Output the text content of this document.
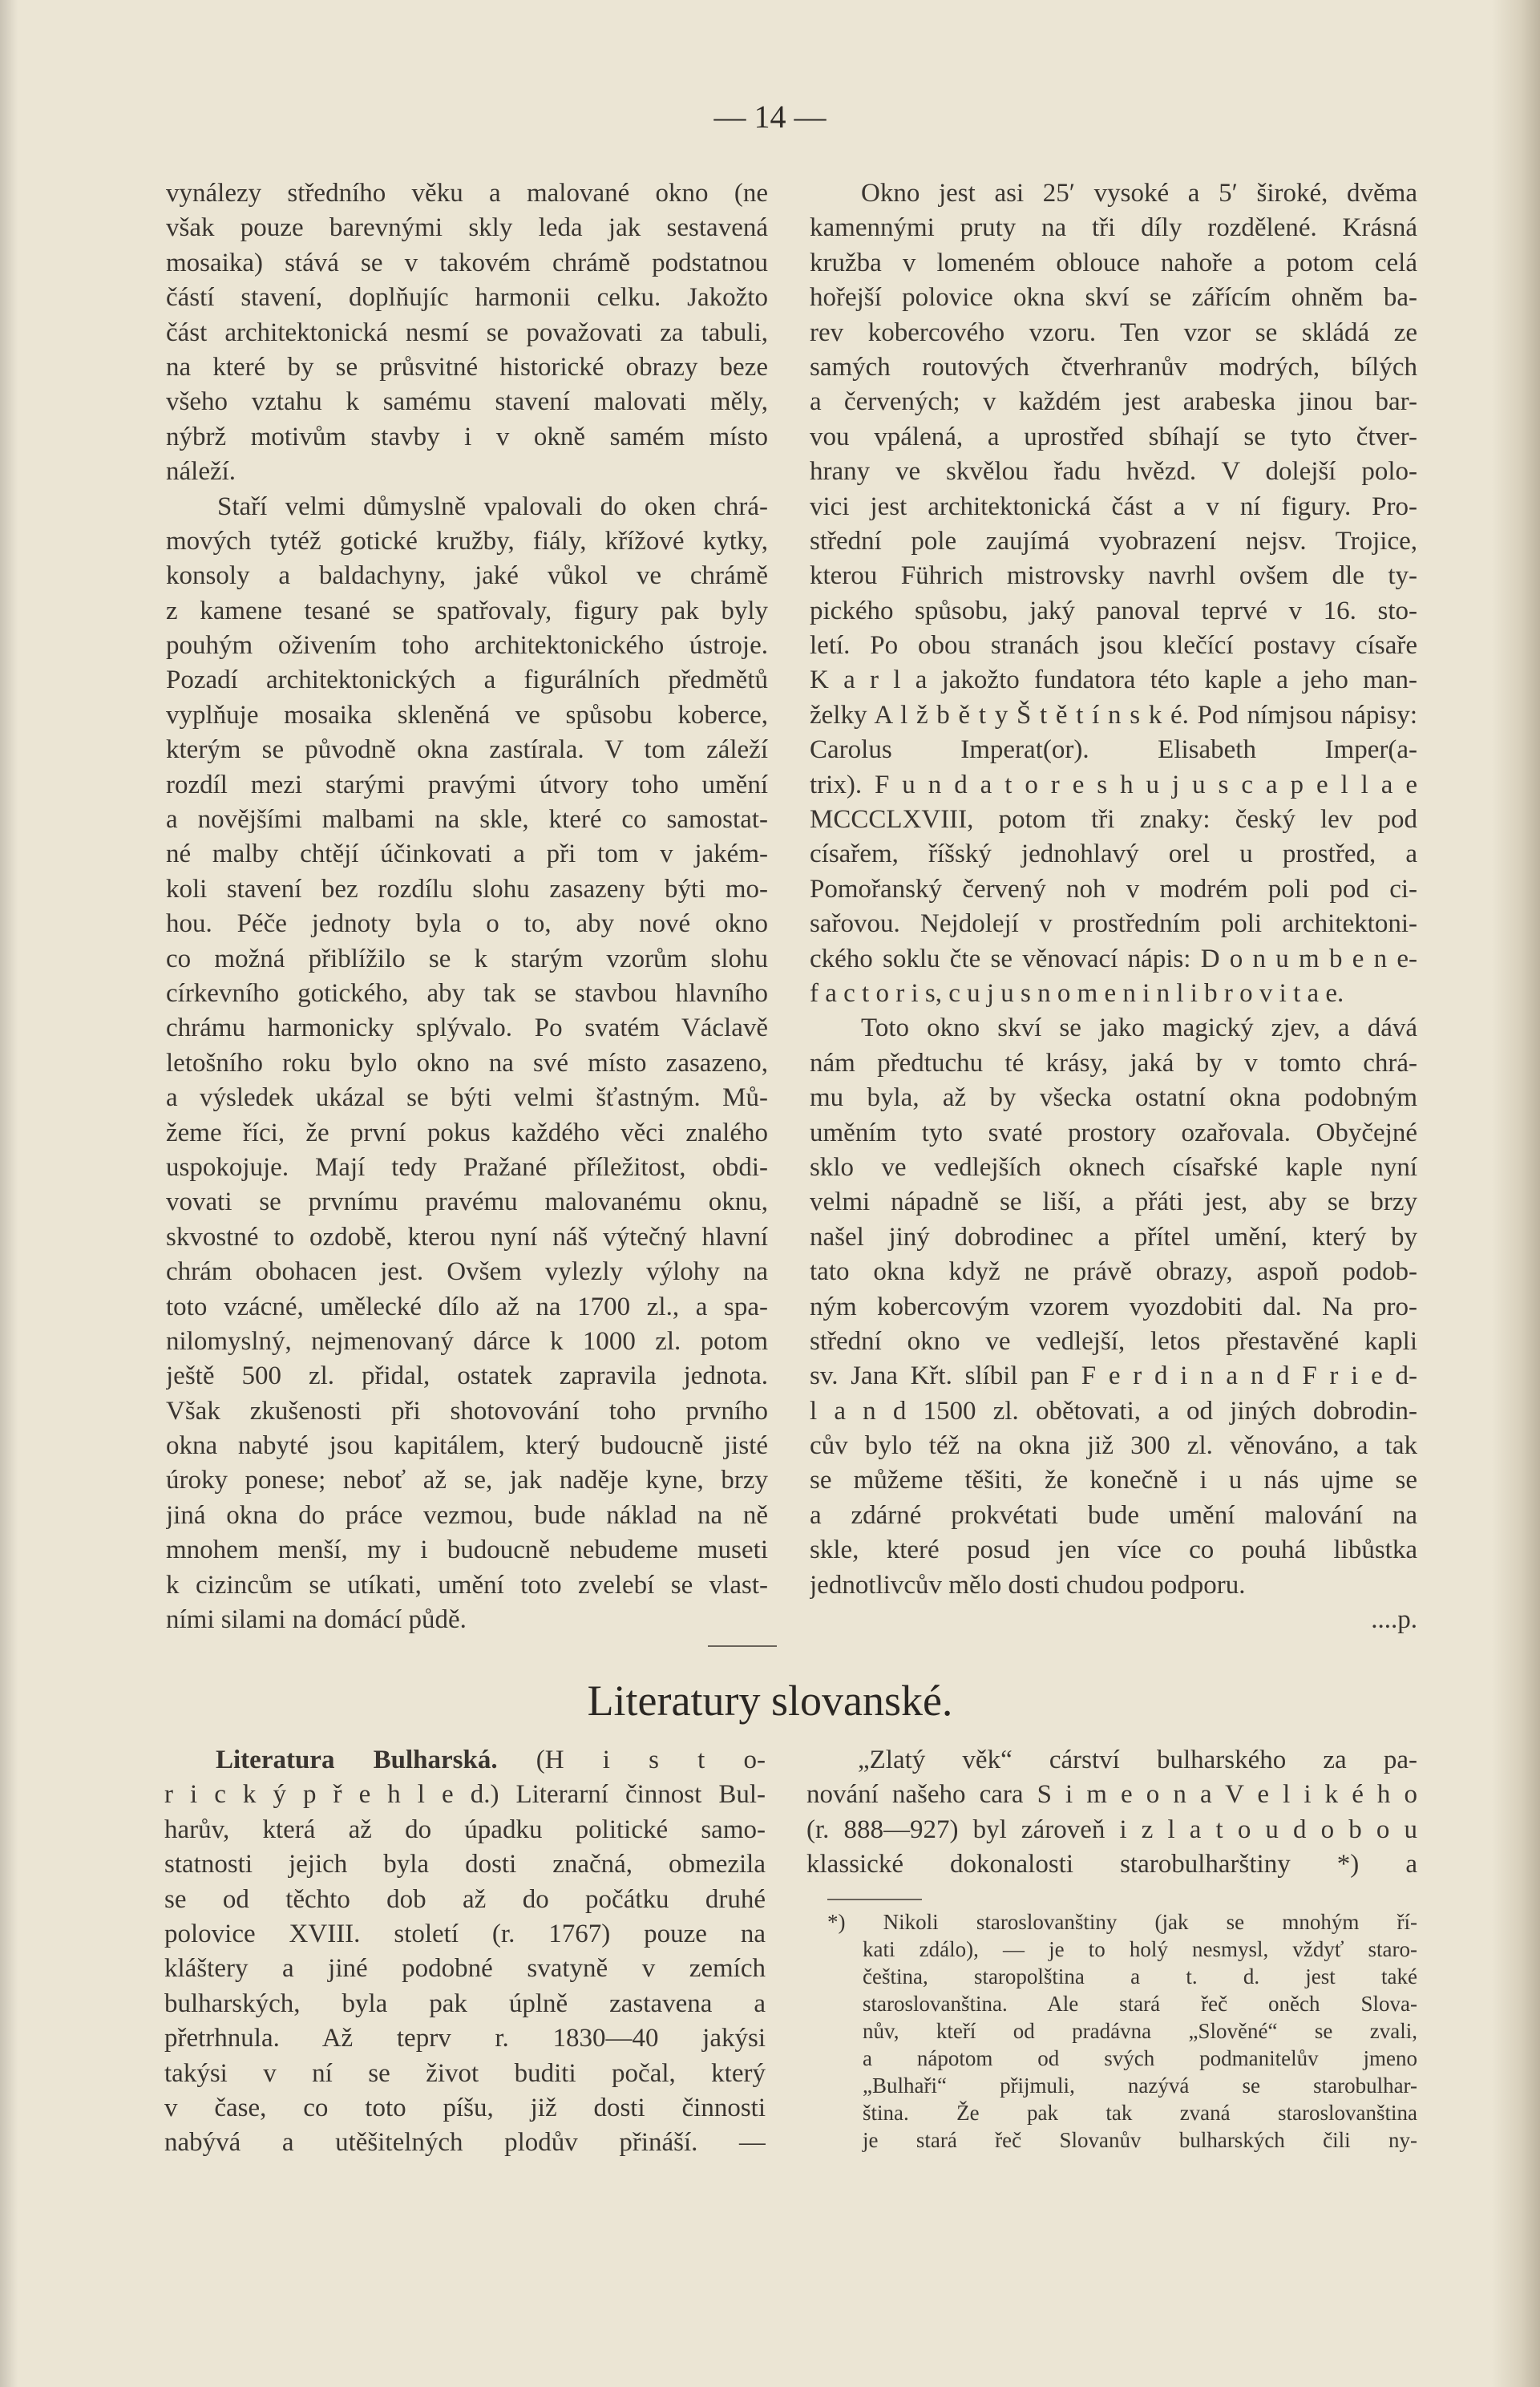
— 14 —
vynálezy středního věku a malované okno (ne
však pouze barevnými skly leda jak sestavená
mosaika) stává se v takovém chrámě podstatnou
částí stavení, doplňujíc harmonii celku. Jakožto
část architektonická nesmí se považovati za tabuli,
na které by se průsvitné historické obrazy beze
všeho vztahu k samému stavení malovati měly,
nýbrž motivům stavby i v okně samém místo
náleží.
Staří velmi důmyslně vpalovali do oken chrá-
mových tytéž gotické kružby, fiály, křížové kytky,
konsoly a baldachyny, jaké vůkol ve chrámě
z kamene tesané se spatřovaly, figury pak byly
pouhým oživením toho architektonického ústroje.
Pozadí architektonických a figurálních předmětů
vyplňuje mosaika skleněná ve spůsobu koberce,
kterým se původně okna zastírala. V tom záleží
rozdíl mezi starými pravými útvory toho umění
a novějšími malbami na skle, které co samostat-
né malby chtějí účinkovati a při tom v jakém-
koli stavení bez rozdílu slohu zasazeny býti mo-
hou. Péče jednoty byla o to, aby nové okno
co možná přiblížilo se k starým vzorům slohu
církevního gotického, aby tak se stavbou hlavního
chrámu harmonicky splývalo. Po svatém Václavě
letošního roku bylo okno na své místo zasazeno,
a výsledek ukázal se býti velmi šťastným. Mů-
žeme říci, že první pokus každého věci znalého
uspokojuje. Mají tedy Pražané příležitost, obdi-
vovati se prvnímu pravému malovanému oknu,
skvostné to ozdobě, kterou nyní náš výtečný hlavní
chrám obohacen jest. Ovšem vylezly výlohy na
toto vzácné, umělecké dílo až na 1700 zl., a spa-
nilomyslný, nejmenovaný dárce k 1000 zl. potom
ještě 500 zl. přidal, ostatek zapravila jednota.
Však zkušenosti při shotovování toho prvního
okna nabyté jsou kapitálem, který budoucně jisté
úroky ponese; neboť až se, jak naděje kyne, brzy
jiná okna do práce vezmou, bude náklad na ně
mnohem menší, my i budoucně nebudeme museti
k cizincům se utíkati, umění toto zvelebí se vlast-
ními silami na domácí půdě.
Okno jest asi 25′ vysoké a 5′ široké, dvěma
kamennými pruty na tři díly rozdělené. Krásná
kružba v lomeném oblouce nahoře a potom celá
hořejší polovice okna skví se zářícím ohněm ba-
rev kobercového vzoru. Ten vzor se skládá ze
samých routových čtverhranův modrých, bílých
a červených; v každém jest arabeska jinou bar-
vou vpálená, a uprostřed sbíhají se tyto čtver-
hrany ve skvělou řadu hvězd. V dolejší polo-
vici jest architektonická část a v ní figury. Pro-
střední pole zaujímá vyobrazení nejsv. Trojice,
kterou Führich mistrovsky navrhl ovšem dle ty-
pického spůsobu, jaký panoval teprvé v 16. sto-
letí. Po obou stranách jsou klečící postavy císaře
K a r l a jakožto fundatora této kaple a jeho man-
želky A l ž b ě t y Š t ě t í n s k é. Pod nímjsou nápisy:
Carolus Imperat(or). Elisabeth Imper(a-
trix). F u n d a t o r e s h u j u s c a p e l l a e
MCCCLXVIII, potom tři znaky: český lev pod
císařem, říšský jednohlavý orel u prostřed, a
Pomořanský červený noh v modrém poli pod ci-
sařovou. Nejdolejí v prostředním poli architektoni-
ckého soklu čte se věnovací nápis: D o n u m b e n e-
f a c t o r i s, c u j u s n o m e n i n l i b r o v i t a e.
Toto okno skví se jako magický zjev, a dává
nám předtuchu té krásy, jaká by v tomto chrá-
mu byla, až by všecka ostatní okna podobným
uměním tyto svaté prostory ozařovala. Obyčejné
sklo ve vedlejších oknech císařské kaple nyní
velmi nápadně se liší, a přáti jest, aby se brzy
našel jiný dobrodinec a přítel umění, který by
tato okna když ne právě obrazy, aspoň podob-
ným kobercovým vzorem vyozdobiti dal. Na pro-
střední okno ve vedlejší, letos přestavěné kapli
sv. Jana Křt. slíbil pan F e r d i n a n d F r i e d-
l a n d 1500 zl. obětovati, a od jiných dobrodin-
cův bylo též na okna již 300 zl. věnováno, a tak
se můžeme těšiti, že konečně i u nás ujme se
a zdárné prokvétati bude umění malování na
skle, které posud jen více co pouhá libůstka
jednotlivcův mělo dosti chudou podporu.
....p.
Literatury slovanské.
Literatura Bulharská. (H i s t o-
r i c k ý p ř e h l e d.) Literarní činnost Bul-
harův, která až do úpadku politické samo-
statnosti jejich byla dosti značná, obmezila
se od těchto dob až do počátku druhé
polovice XVIII. století (r. 1767) pouze na
kláštery a jiné podobné svatyně v zemích
bulharských, byla pak úplně zastavena a
přetrhnula. Až teprv r. 1830—40 jakýsi
takýsi v ní se život buditi počal, který
v čase, co toto píšu, již dosti činnosti
nabývá a utěšitelných plodův přináší. —
„Zlatý věk“ cárství bulharského za pa-
nování našeho cara S i m e o n a V e l i k é h o
(r. 888—927) byl zároveň i z l a t o u d o b o u
klassické dokonalosti starobulharštiny *) a
*) Nikoli staroslovanštiny (jak se mnohým ří-
kati zdálo), — je to holý nesmysl, vždyť staro-
čeština, staropolština a t. d. jest také
staroslovanština. Ale stará řeč oněch Slova-
nův, kteří od pradávna „Slověné“ se zvali,
a nápotom od svých podmanitelův jmeno
„Bulhaři“ přijmuli, nazývá se starobulhar-
ština. Že pak tak zvaná staroslovanština
je stará řeč Slovanův bulharských čili ny-
